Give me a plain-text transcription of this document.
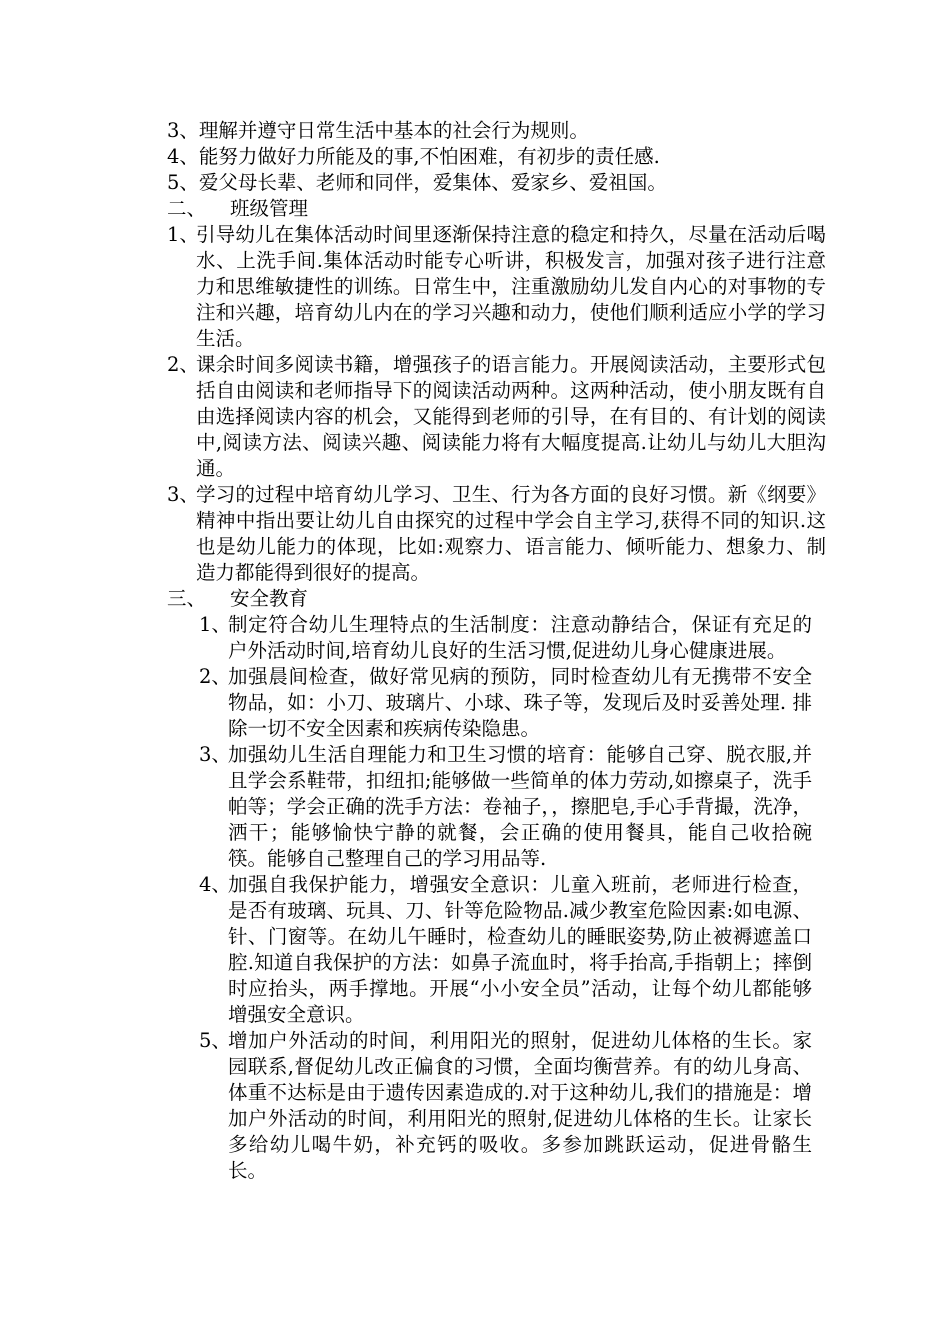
3、理解并遵守日常生活中基本的社会行为规则。
4、能努力做好力所能及的事,不怕困难，有初步的责任感.
5、爱父母长辈、老师和同伴，爱集体、爱家乡、爱祖国。
二、 班级管理
1、
引导幼儿在集体活动时间里逐渐保持注意的稳定和持久，尽量在活动后喝水、上洗手间.集体活动时能专心听讲，积极发言，加强对孩子进行注意力和思维敏捷性的训练。日常生中，注重激励幼儿发自内心的对事物的专注和兴趣，培育幼儿内在的学习兴趣和动力，使他们顺利适应小学的学习生活。
2、
课余时间多阅读书籍，增强孩子的语言能力。开展阅读活动，主要形式包括自由阅读和老师指导下的阅读活动两种。这两种活动，使小朋友既有自由选择阅读内容的机会，又能得到老师的引导，在有目的、有计划的阅读中,阅读方法、阅读兴趣、阅读能力将有大幅度提高.让幼儿与幼儿大胆沟通。
3、
学习的过程中培育幼儿学习、卫生、行为各方面的良好习惯。新《纲要》精神中指出要让幼儿自由探究的过程中学会自主学习,获得不同的知识.这也是幼儿能力的体现，比如:观察力、语言能力、倾听能力、想象力、制造力都能得到很好的提高。
三、 安全教育
1、
制定符合幼儿生理特点的生活制度：注意动静结合，保证有充足的户外活动时间,培育幼儿良好的生活习惯,促进幼儿身心健康进展。
2、
加强晨间检查，做好常见病的预防，同时检查幼儿有无携带不安全物品，如：小刀、玻璃片、小球、珠子等，发现后及时妥善处理. 排除一切不安全因素和疾病传染隐患。
3、
加强幼儿生活自理能力和卫生习惯的培育：能够自己穿、脱衣服,并且学会系鞋带，扣纽扣;能够做一些简单的体力劳动,如擦桌子，洗手帕等；学会正确的洗手方法：卷袖子，，擦肥皂,手心手背撮，洗净，洒干；能够愉快宁静的就餐，会正确的使用餐具，能自己收拾碗筷。能够自己整理自己的学习用品等.
4、
加强自我保护能力，增强安全意识：儿童入班前，老师进行检查，是否有玻璃、玩具、刀、针等危险物品.减少教室危险因素:如电源、针、门窗等。在幼儿午睡时，检查幼儿的睡眠姿势,防止被褥遮盖口腔.知道自我保护的方法：如鼻子流血时，将手抬高,手指朝上；摔倒时应抬头，两手撑地。开展“小小安全员”活动，让每个幼儿都能够增强安全意识。
5、
增加户外活动的时间，利用阳光的照射，促进幼儿体格的生长。家园联系,督促幼儿改正偏食的习惯，全面均衡营养。有的幼儿身高、体重不达标是由于遗传因素造成的.对于这种幼儿,我们的措施是：增加户外活动的时间，利用阳光的照射,促进幼儿体格的生长。让家长多给幼儿喝牛奶，补充钙的吸收。多参加跳跃运动，促进骨骼生长。
